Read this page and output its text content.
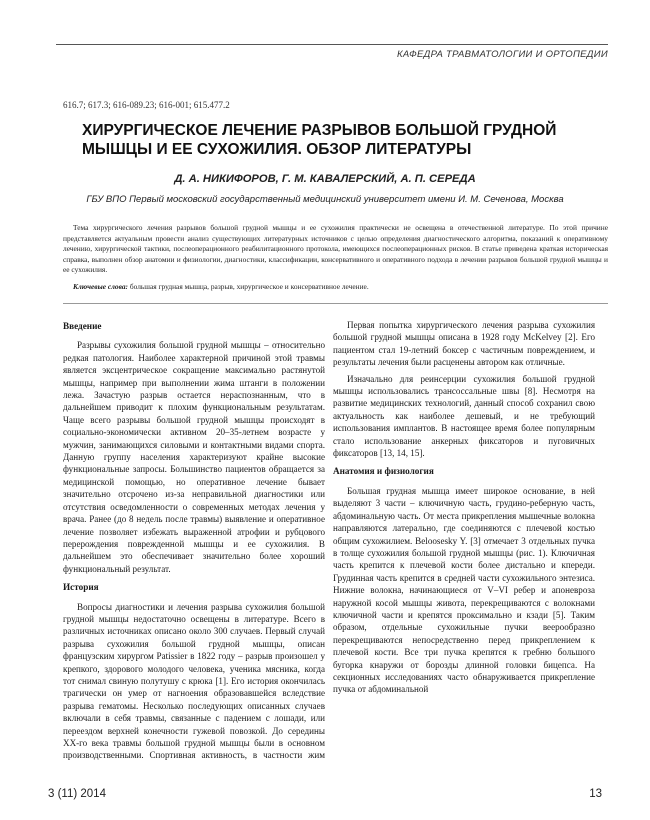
КАФЕДРА ТРАВМАТОЛОГИИ И ОРТОПЕДИИ
616.7; 617.3; 616-089.23; 616-001; 615.477.2
ХИРУРГИЧЕСКОЕ ЛЕЧЕНИЕ РАЗРЫВОВ БОЛЬШОЙ ГРУДНОЙ МЫШЦЫ И ЕЕ СУХОЖИЛИЯ. ОБЗОР ЛИТЕРАТУРЫ
Д. А. НИКИФОРОВ, Г. М. КАВАЛЕРСКИЙ, А. П. СЕРЕДА
ГБУ ВПО Первый московский государственный медицинский университет имени И. М. Сеченова, Москва

Тема хирургического лечения разрывов большой грудной мышцы и ее сухожилия практически не освещена в отечественной литературе. По этой причине представляется актуальным провести анализ существующих литературных источников с целью определения диагностического алгоритма, показаний к оперативному лечению, хирургической тактики, послеоперационного реабилитационного протокола, имеющихся послеоперационных рисков. В статье приведена краткая историческая справка, выполнен обзор анатомии и физиологии, диагностики, классификации, консервативного и оперативного подхода в лечении разрывов большой грудной мышцы и ее сухожилия.

Ключевые слова: большая грудная мышца, разрыв, хирургическое и консервативное лечение.

Введение

Разрывы сухожилия большой грудной мышцы – относительно редкая патология. Наиболее характерной причиной этой травмы является эксцентрическое сокращение максимально растянутой мышцы, например при выполнении жима штанги в положении лежа. Зачастую разрыв остается нераспознанным, что в дальнейшем приводит к плохим функциональным результатам. Чаще всего разрывы большой грудной мышцы происходят в социально-экономически активном 20–35-летнем возрасте у мужчин, занимающихся силовыми и контактными видами спорта. Данную группу населения характеризуют крайне высокие функциональные запросы. Большинство пациентов обращается за медицинской помощью, но оперативное лечение бывает значительно отсрочено из-за неправильной диагностики или отсутствия осведомленности о современных методах лечения у врача. Ранее (до 8 недель после травмы) выявление и оперативное лечение позволяет избежать выраженной атрофии и рубцового перерождения поврежденной мышцы и ее сухожилия. В дальнейшем это обеспечивает значительно более хороший функциональный результат.

История

Вопросы диагностики и лечения разрыва сухожилия большой грудной мышцы недостаточно освещены в литературе. Всего в различных источниках описано около 300 случаев. Первый случай разрыва сухожилия большой грудной мышцы, описан французским хирургом Patissier в 1822 году – разрыв произошел у крепкого, здорового молодого человека, ученика мясника, когда тот снимал свиную полутушу с крюка [1]. Его история окончилась трагически он умер от нагноения образовавшейся вследствие разрыва гематомы. Несколько последующих описанных случаев включали в себя травмы, связанные с падением с лошади, или переездом верхней конечности гужевой повозкой. До середины XX-го века травмы большой грудной мышцы были в основном производственными. Спортивная активность, в частности жим

Первая попытка хирургического лечения разрыва сухожилия большой грудной мышцы описана в 1928 году McKelvey [2]. Его пациентом стал 19-летний боксер с частичным повреждением, и результаты лечения были расценены автором как отличные.

Изначально для реинсерции сухожилия большой грудной мышцы использовались трансоссальные швы [8]. Несмотря на развитие медицинских технологий, данный способ сохранил свою актуальность как наиболее дешевый, и не требующий использования имплантов. В настоящее время более популярным стало использование анкерных фиксаторов и пуговичных фиксаторов [13, 14, 15].

Анатомия и физиология

Большая грудная мышца имеет широкое основание, в ней выделяют 3 части – ключичную часть, грудино-реберную часть, абдоминальную часть. От места прикрепления мышечные волокна направляются латерально, где соединяются с плечевой костью общим сухожилием. Beloosesky Y. [3] отмечает 3 отдельных пучка в толще сухожилия большой грудной мышцы (рис. 1). Ключичная часть крепится к плечевой кости более дистально и кпереди. Грудинная часть крепится в средней части сухожильного энтезиса. Нижние волокна, начинающиеся от V–VI ребер и апоневроза наружной косой мышцы живота, перекрещиваются с волокнами ключичной части и крепятся проксимально и кзади [5]. Таким образом, отдельные сухожильные пучки веерообразно перекрещиваются непосредственно перед прикреплением к плечевой кости. Все три пучка крепятся к гребню большого бугорка кнаружи от борозды длинной головки бицепса. На секционных исследованиях часто обнаруживается прикрепление пучка от абдоминальной

3 (11) 2014	13
